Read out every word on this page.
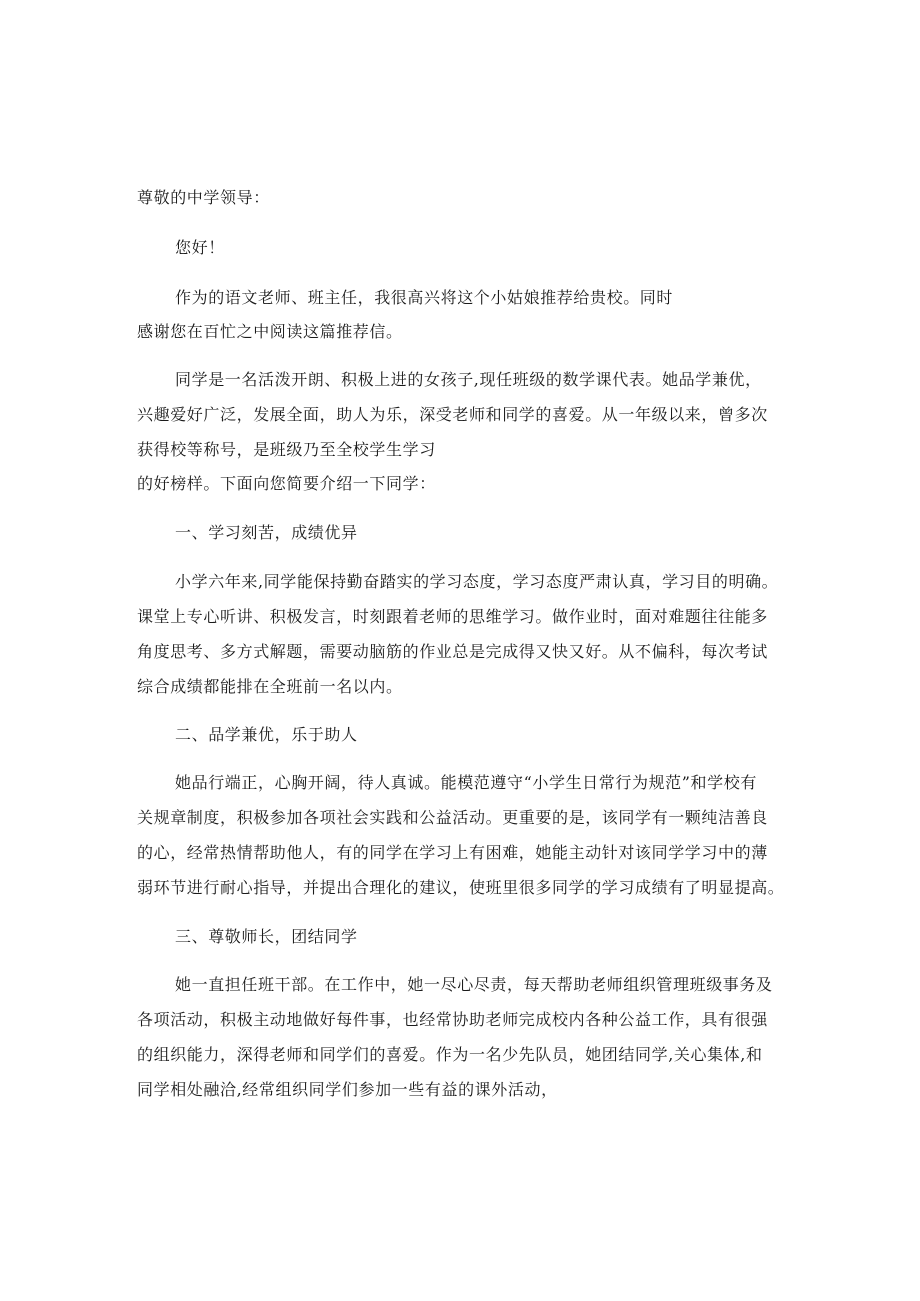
尊敬的中学领导：
您好！
作为的语文老师、班主任，我很高兴将这个小姑娘推荐给贵校。同时
感谢您在百忙之中阅读这篇推荐信。
同学是一名活泼开朗、积极上进的女孩子,现任班级的数学课代表。她品学兼优，
兴趣爱好广泛，发展全面，助人为乐，深受老师和同学的喜爱。从一年级以来，曾多次
获得校等称号，是班级乃至全校学生学习
的好榜样。下面向您简要介绍一下同学：
一、学习刻苦，成绩优异
小学六年来,同学能保持勤奋踏实的学习态度，学习态度严肃认真，学习目的明确。
课堂上专心听讲、积极发言，时刻跟着老师的思维学习。做作业时，面对难题往往能多
角度思考、多方式解题，需要动脑筋的作业总是完成得又快又好。从不偏科，每次考试
综合成绩都能排在全班前一名以内。
二、品学兼优，乐于助人
她品行端正，心胸开阔，待人真诚。能模范遵守“小学生日常行为规范”和学校有
关规章制度，积极参加各项社会实践和公益活动。更重要的是，该同学有一颗纯洁善良
的心，经常热情帮助他人，有的同学在学习上有困难，她能主动针对该同学学习中的薄
弱环节进行耐心指导，并提出合理化的建议，使班里很多同学的学习成绩有了明显提高。
三、尊敬师长，团结同学
她一直担任班干部。在工作中，她一尽心尽责，每天帮助老师组织管理班级事务及
各项活动，积极主动地做好每件事，也经常协助老师完成校内各种公益工作，具有很强
的组织能力，深得老师和同学们的喜爱。作为一名少先队员，她团结同学,关心集体,和
同学相处融洽,经常组织同学们参加一些有益的课外活动，
